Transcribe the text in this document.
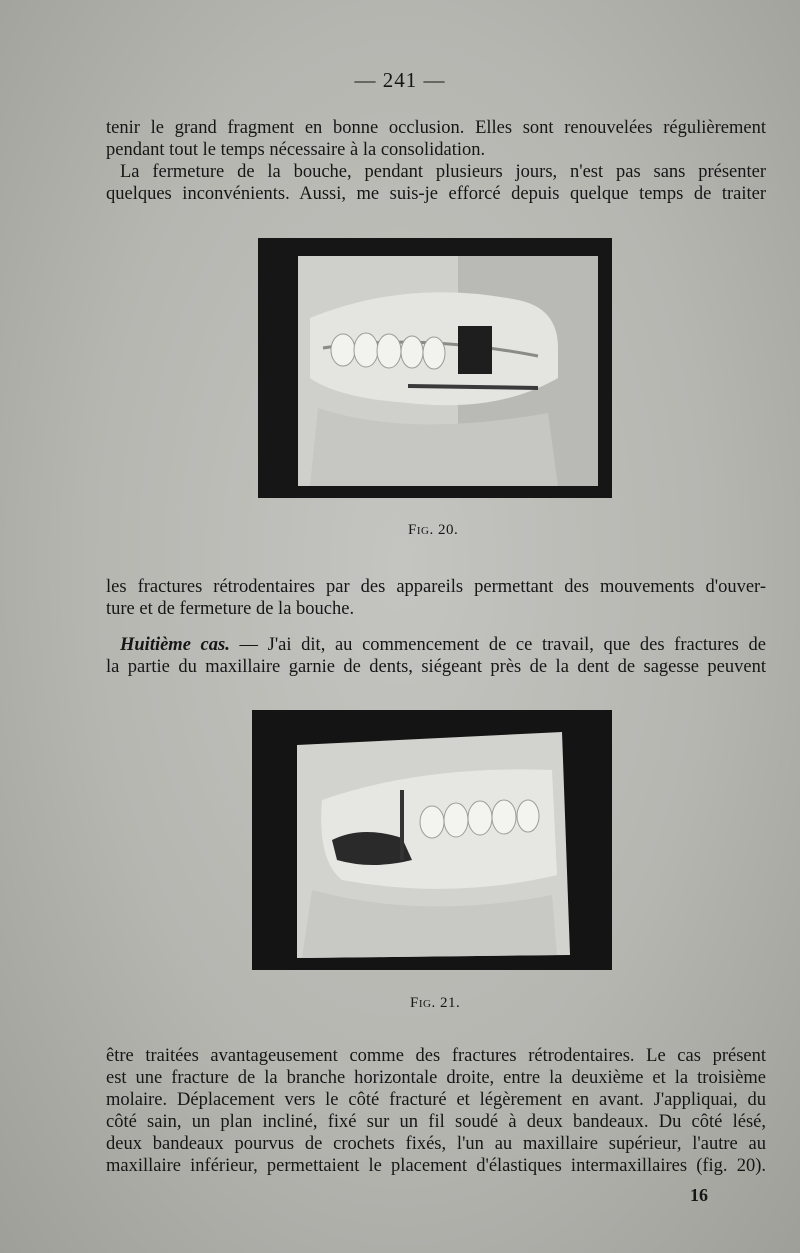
— 241 —

tenir le grand fragment en bonne occlusion. Elles sont renouvelées régulièrement
pendant tout le temps nécessaire à la consolidation.

La fermeture de la bouche, pendant plusieurs jours, n'est pas sans présenter
quelques inconvénients. Aussi, me suis-je efforcé depuis quelque temps de traiter

Fig. 20.

les fractures rétrodentaires par des appareils permettant des mouvements d'ouver-
ture et de fermeture de la bouche.

Huitième cas. — J'ai dit, au commencement de ce travail, que des fractures de
la partie du maxillaire garnie de dents, siégeant près de la dent de sagesse peuvent

Fig. 21.

être traitées avantageusement comme des fractures rétrodentaires. Le cas présent
est une fracture de la branche horizontale droite, entre la deuxième et la troisième
molaire. Déplacement vers le côté fracturé et légèrement en avant. J'appliquai, du
côté sain, un plan incliné, fixé sur un fil soudé à deux bandeaux. Du côté lésé,
deux bandeaux pourvus de crochets fixés, l'un au maxillaire supérieur, l'autre au
maxillaire inférieur, permettaient le placement d'élastiques intermaxillaires (fig. 20).

16
